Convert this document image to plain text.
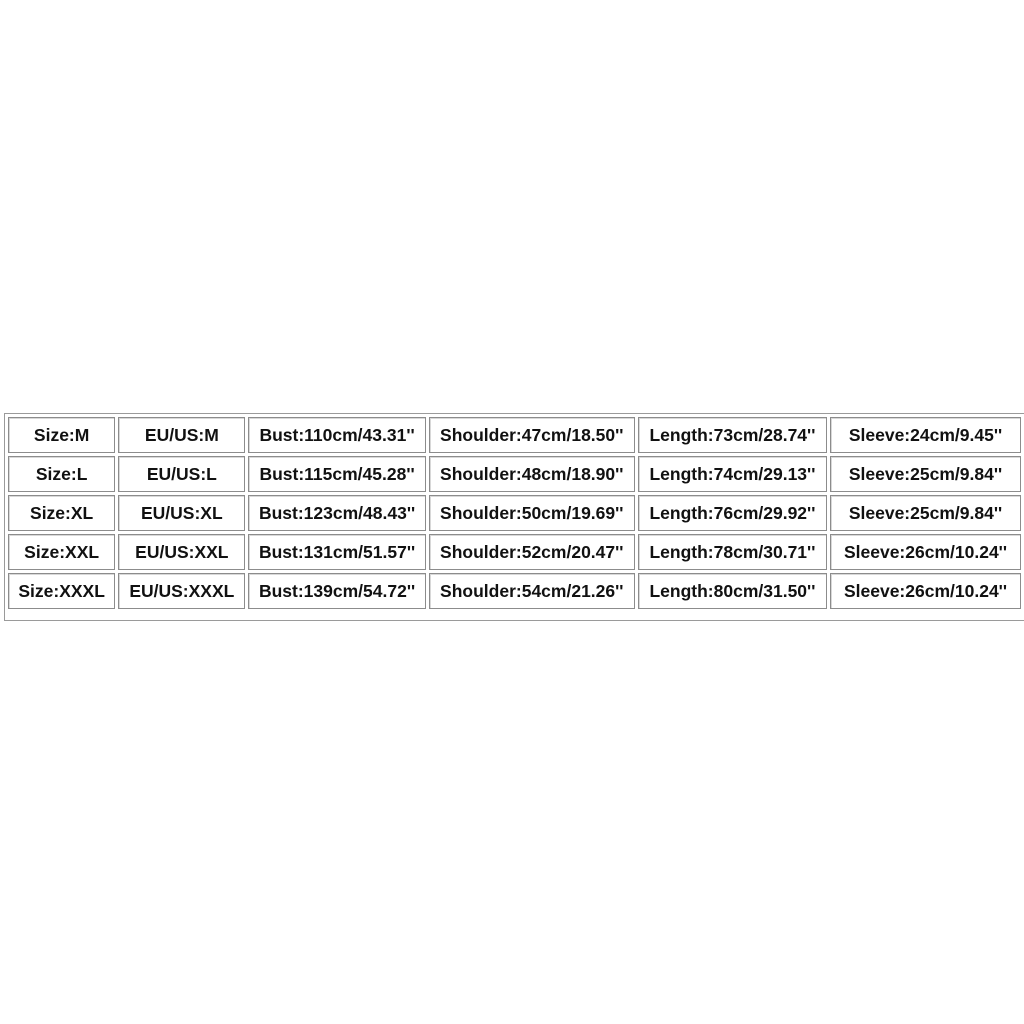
Size:M	EU/US:M	Bust:110cm/43.31''	Shoulder:47cm/18.50''	Length:73cm/28.74''	Sleeve:24cm/9.45''
Size:L	EU/US:L	Bust:115cm/45.28''	Shoulder:48cm/18.90''	Length:74cm/29.13''	Sleeve:25cm/9.84''
Size:XL	EU/US:XL	Bust:123cm/48.43''	Shoulder:50cm/19.69''	Length:76cm/29.92''	Sleeve:25cm/9.84''
Size:XXL	EU/US:XXL	Bust:131cm/51.57''	Shoulder:52cm/20.47''	Length:78cm/30.71''	Sleeve:26cm/10.24''
Size:XXXL	EU/US:XXXL	Bust:139cm/54.72''	Shoulder:54cm/21.26''	Length:80cm/31.50''	Sleeve:26cm/10.24''
